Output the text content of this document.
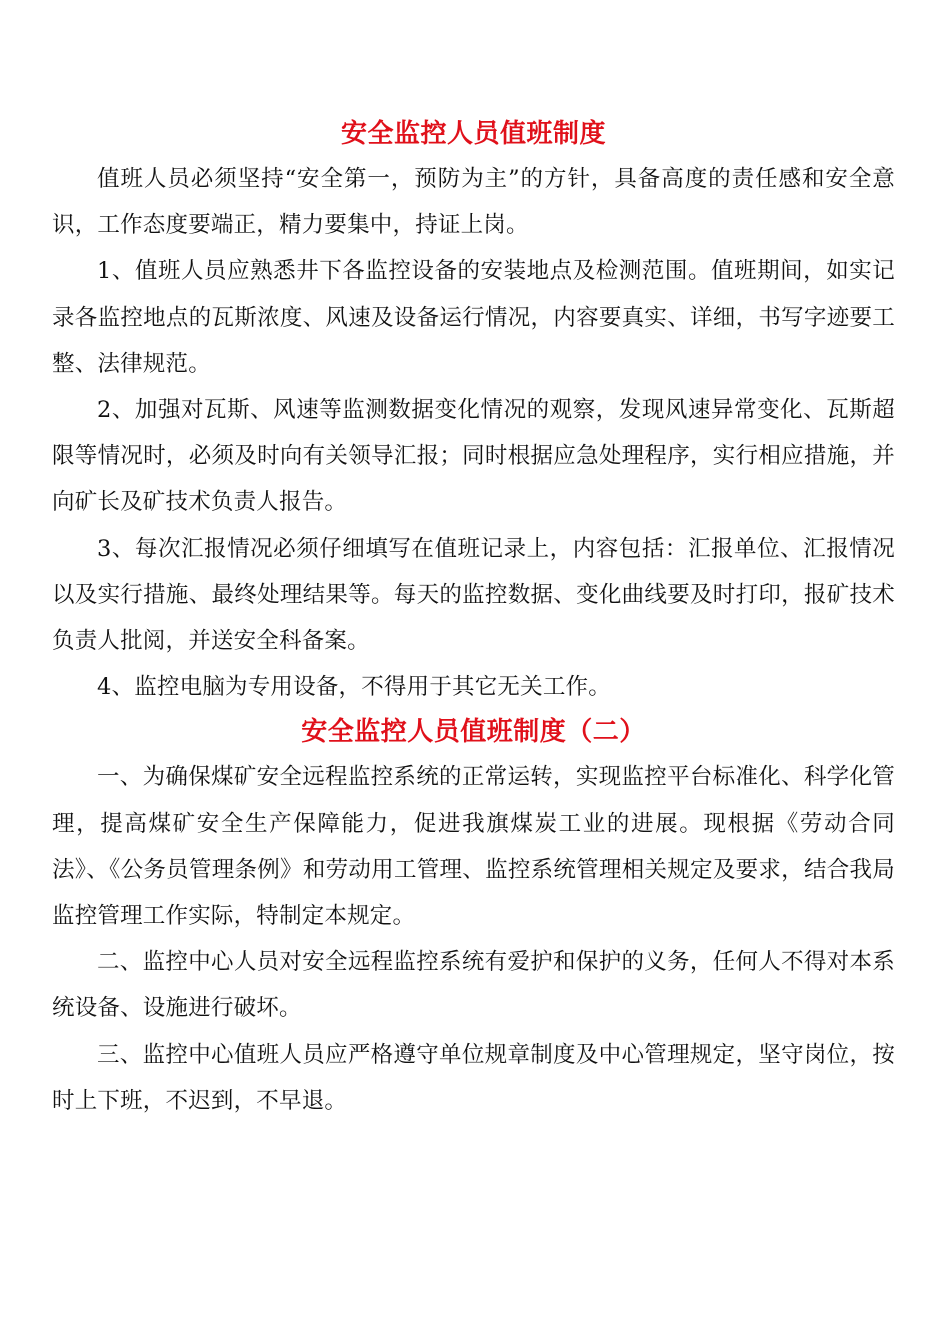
安全监控人员值班制度

值班人员必须坚持“安全第一，预防为主”的方针，具备高度的责任感和安全意识，工作态度要端正，精力要集中，持证上岗。

1、值班人员应熟悉井下各监控设备的安装地点及检测范围。值班期间，如实记录各监控地点的瓦斯浓度、风速及设备运行情况，内容要真实、详细，书写字迹要工整、法律规范。

2、加强对瓦斯、风速等监测数据变化情况的观察，发现风速异常变化、瓦斯超限等情况时，必须及时向有关领导汇报；同时根据应急处理程序，实行相应措施，并向矿长及矿技术负责人报告。

3、每次汇报情况必须仔细填写在值班记录上，内容包括：汇报单位、汇报情况以及实行措施、最终处理结果等。每天的监控数据、变化曲线要及时打印，报矿技术负责人批阅，并送安全科备案。

4、监控电脑为专用设备，不得用于其它无关工作。

安全监控人员值班制度（二）

一、为确保煤矿安全远程监控系统的正常运转，实现监控平台标准化、科学化管理，提高煤矿安全生产保障能力，促进我旗煤炭工业的进展。现根据《劳动合同法》、《公务员管理条例》和劳动用工管理、监控系统管理相关规定及要求，结合我局监控管理工作实际，特制定本规定。

二、监控中心人员对安全远程监控系统有爱护和保护的义务，任何人不得对本系统设备、设施进行破坏。

三、监控中心值班人员应严格遵守单位规章制度及中心管理规定，坚守岗位，按时上下班，不迟到，不早退。
